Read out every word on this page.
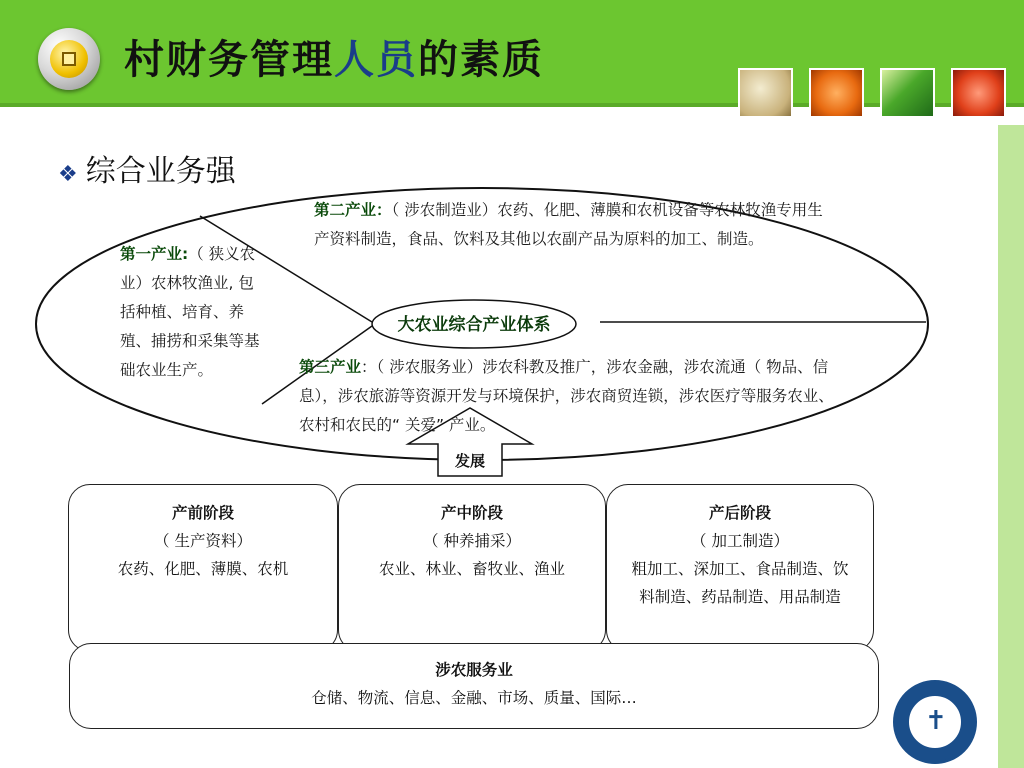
村财务管理人员的素质
❖ 综合业务强
第一产业:（ 狭义农业）农林牧渔业, 包括种植、培育、养殖、捕捞和采集等基础农业生产。
第二产业：（ 涉农制造业）农药、化肥、薄膜和农机设备等农林牧渔专用生产资料制造，食品、饮料及其他以农副产品为原料的加工、制造。
第三产业：（ 涉农服务业）涉农科教及推广，涉农金融，涉农流通（ 物品、信息），涉农旅游等资源开发与环境保护，涉农商贸连锁，涉农医疗等服务农业、农村和农民的“ 关爱” 产业。
大农业综合产业体系
发展
产前阶段
（ 生产资料）
农药、化肥、薄膜、农机
产中阶段
（ 种养捕采）
农业、林业、畜牧业、渔业
产后阶段
（ 加工制造）
粗加工、深加工、食品制造、饮料制造、药品制造、用品制造
涉农服务业
仓储、物流、信息、金融、市场、质量、国际…
✝
